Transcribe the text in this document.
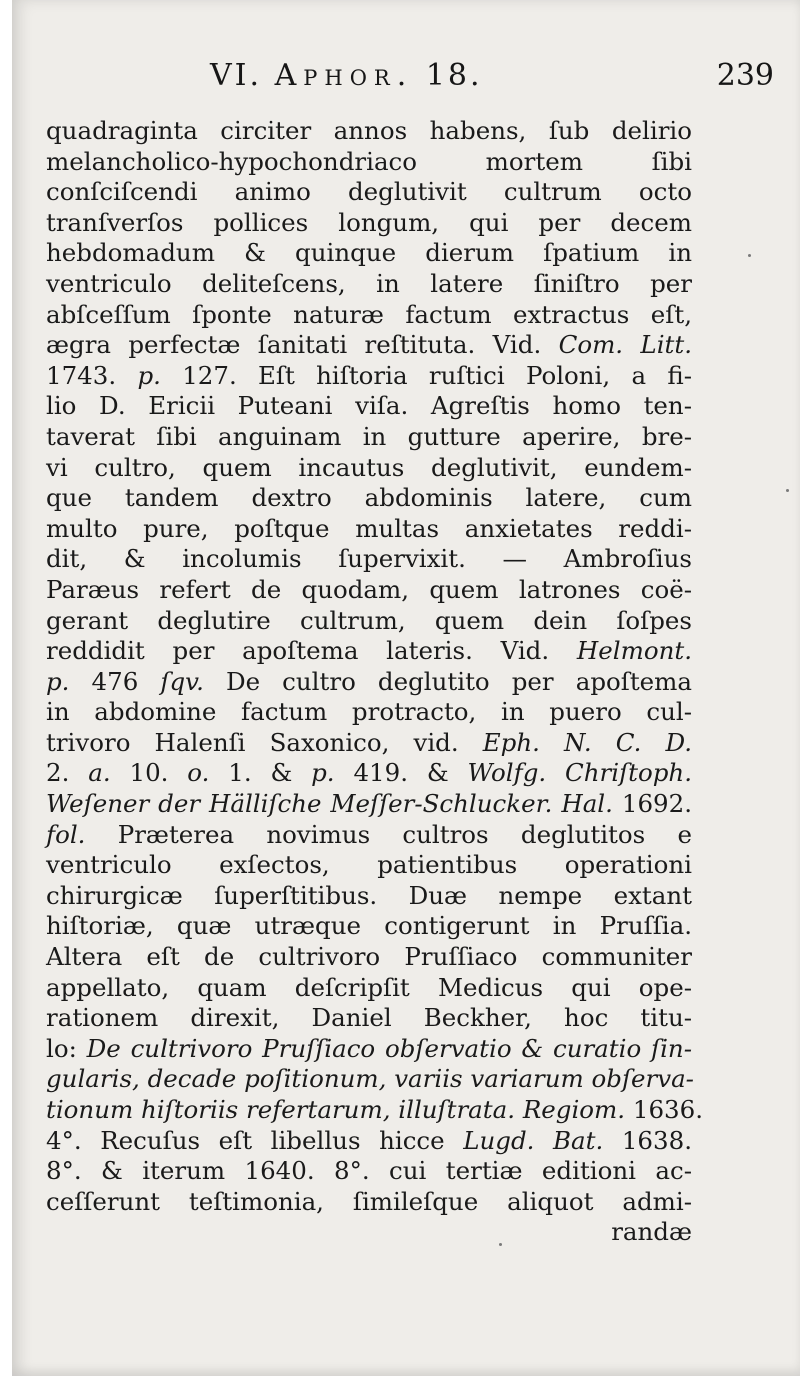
VI. Aphor. 18.	239
quadraginta circiter annos habens, ſub delirio
melancholico-hypochondriaco mortem ſibi
conſciſcendi animo deglutivit cultrum octo
tranſverſos pollices longum, qui per decem
hebdomadum & quinque dierum ſpatium in
ventriculo deliteſcens, in latere ſiniſtro per
abſceſſum ſponte naturæ factum extractus eſt,
ægra perfectæ ſanitati reſtituta. Vid. Com. Litt.
1743. p. 127. Eſt hiſtoria ruſtici Poloni, a fi-
lio D. Ericii Puteani viſa. Agreſtis homo ten-
taverat ſibi anguinam in gutture aperire, bre-
vi cultro, quem incautus deglutivit, eundem-
que tandem dextro abdominis latere, cum
multo pure, poſtque multas anxietates reddi-
dit, & incolumis ſupervixit. — Ambroſius
Paræus refert de quodam, quem latrones coë-
gerant deglutire cultrum, quem dein ſoſpes
reddidit per apoſtema lateris. Vid. Helmont.
p. 476 ſqv. De cultro deglutito per apoſtema
in abdomine factum protracto, in puero cul-
trivoro Halenſi Saxonico, vid. Eph. N. C. D.
2. a. 10. o. 1. & p. 419. & Wolfg. Chriſtoph.
Weſener der Hälliſche Meſſer-Schlucker. Hal. 1692.
fol. Præterea novimus cultros deglutitos e
ventriculo exſectos, patientibus operationi
chirurgicæ ſuperſtitibus. Duæ nempe extant
hiſtoriæ, quæ utræque contigerunt in Pruſſia.
Altera eſt de cultrivoro Pruſſiaco communiter
appellato, quam deſcripſit Medicus qui ope-
rationem direxit, Daniel Beckher, hoc titu-
lo: De cultrivoro Pruſſiaco obſervatio & curatio ſin-
gularis, decade poſitionum, variis variarum obſerva-
tionum hiſtoriis refertarum, illuſtrata. Regiom. 1636.
4°. Recuſus eſt libellus hicce Lugd. Bat. 1638.
8°. & iterum 1640. 8°. cui tertiæ editioni ac-
ceſſerunt teſtimonia, ſimileſque aliquot admi-
randæ
